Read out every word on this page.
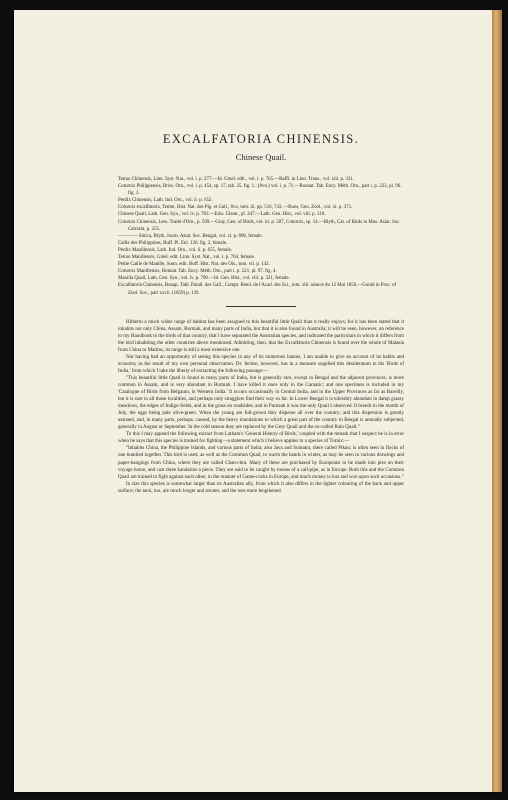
EXCALFATORIA CHINENSIS.
Chinese Quail.

Tetrao Chinensis, Linn. Syst. Nat., vol. i. p. 277.—Id. Gmel. edit., vol. i. p. 765.—Raffl. in Linn. Trans., vol. xiii. p. 321.

Coturnix Philippensis, Briss. Orn., vol. i. p. 454, sp. 17, tab. 25. fig. 1.; (8vo.) vol. i. p. 71.—Bonnat. Tab. Ency. Méth. Orn., part i. p. 223, pl. 96. fig. 3.

Perdix Chinensis, Lath. Ind. Orn., vol. ii. p. 652.

Coturnix excalfatoria, Temm. Hist. Nat. des Pig. et Gall., 8vo, tom. iii. pp. 516, 743.—Shaw, Gen. Zool., vol. xi. p. 371.

Chinese Quail, Lath. Gen. Syn., vol. iv. p. 783.—Edw. Glean., pl. 247.—Lath. Gen. Hist., vol. viii. p. 318.

Coturnix Chinensis, Less. Traité d'Orn., p. 509.—Gray, Gen. of Birds, vol. iii. p. 507, Coturnix, sp. 14.—Blyth, Cat. of Birds in Mus. Asiat. Soc. Calcutta, p. 255.

———— Sinica, Blyth, Journ. Asiat. Soc. Bengal, vol. xi. p. 808, female.

Caille des Philippines, Buff. Pl. Enl. 126. fig. 2, female.

Perdix Manillensis, Lath. Ind. Orn., vol. ii. p. 655, female.

Tetrao Manillensis, Gmel. edit. Linn. Syst. Nat., vol. i. p. 764, female.

Petite Caille de Manille, Sonn. edit. Buff. Hist. Nat. des Ois., tom. vii. p. 142.

Coturnix Manillensis, Bonnat. Tab. Ency. Méth. Orn., part i. p. 221, pl. 97. fig. 4.

Manilla Quail, Lath. Gen. Syn., vol. iv. p. 790.—Id. Gen. Hist., vol. viii. p. 321, female.

Excalfatoria Chinensis, Bonap. Tabl. Parall. des Gall., Compt. Rend. de l'Acad. des Sci., tom. xlii. séance du 12 Mai 1856.—Gould in Proc. of Zool. Soc., part xxvii. (1859) p. 129.

Hitherto a much wider range of habitat has been assigned to this beautiful little Quail than it really enjoys; for it has been stated that it inhabits not only China, Assam, Burmah, and many parts of India, but that it is also found in Australia; it will be seen, however, on reference to my Handbook to the birds of that country, that I have separated the Australian species, and indicated the particulars in which it differs from the bird inhabiting the other countries above mentioned. Admitting, then, that the Excalfatoria Chinensis is found over the whole of Malasia from China to Madras, its range is still a most extensive one.

Not having had an opportunity of seeing this species in any of its numerous haunts, I am unable to give an account of its habits and economy as the result of my own personal observation. Dr. Jerdon, however, has in a measure supplied this desideratum in his 'Birds of India,' from which I take the liberty of extracting the following passage:—

"This beautiful little Quail is found in many parts of India, but is generally rare, except in Bengal and the adjacent provinces, is more common in Assam, and is very abundant in Burmah. I have killed it once only in the Carnatic; and one specimen is included in my 'Catalogue of Birds from Belgaum, in Western India.' It occurs occasionally in Central India, and in the Upper Provinces as far as Bareilly, but it is rare in all those localities, and perhaps only stragglers find their way so far. In Lower Bengal it is tolerably abundant in damp grassy meadows, the edges of Indigo-fields, and in the grass on roadsides; and in Purneah it was the only Quail I observed. It breeds in the month of July, the eggs being pale olive-green. When the young are full-grown they disperse all over the country; and this dispersion is greatly assisted, and, in many parts, perhaps, caused, by the heavy inundations to which a great part of the country in Bengal is annually subjected, generally in August or September. In the cold season they are replaced by the Grey Quail and the so-called Rain Quail."

To this I may append the following extract from Latham's 'General History of Birds,' coupled with the remark that I suspect he is in error when he says that this species is trained for fighting—a statement which I believe applies to a species of Turnix:—

"Inhabits China, the Philippine Islands, and various parts of India; also Java and Sumatra, there called Pikau; is often seen in flocks of one hundred together. This bird is used, as well as the Common Quail, to warm the hands in winter, as may be seen in various drawings and paper-hangings from China, where they are called Chan-chin. Many of these are purchased by Europeans to be made into pies on their voyage home, and cost three kandarins a piece. They are said to be caught by means of a call-pipe, as in Europe. Both this and the Common Quail are trained to fight against each other, in the manner of Game-cocks in Europe, and much money is lost and won upon such occasions."

In size this species is somewhat larger than its Australian ally, from which it also differs in the lighter colouring of the back and upper surface; the tarsi, too, are much longer and stouter, and the toes more lengthened.
